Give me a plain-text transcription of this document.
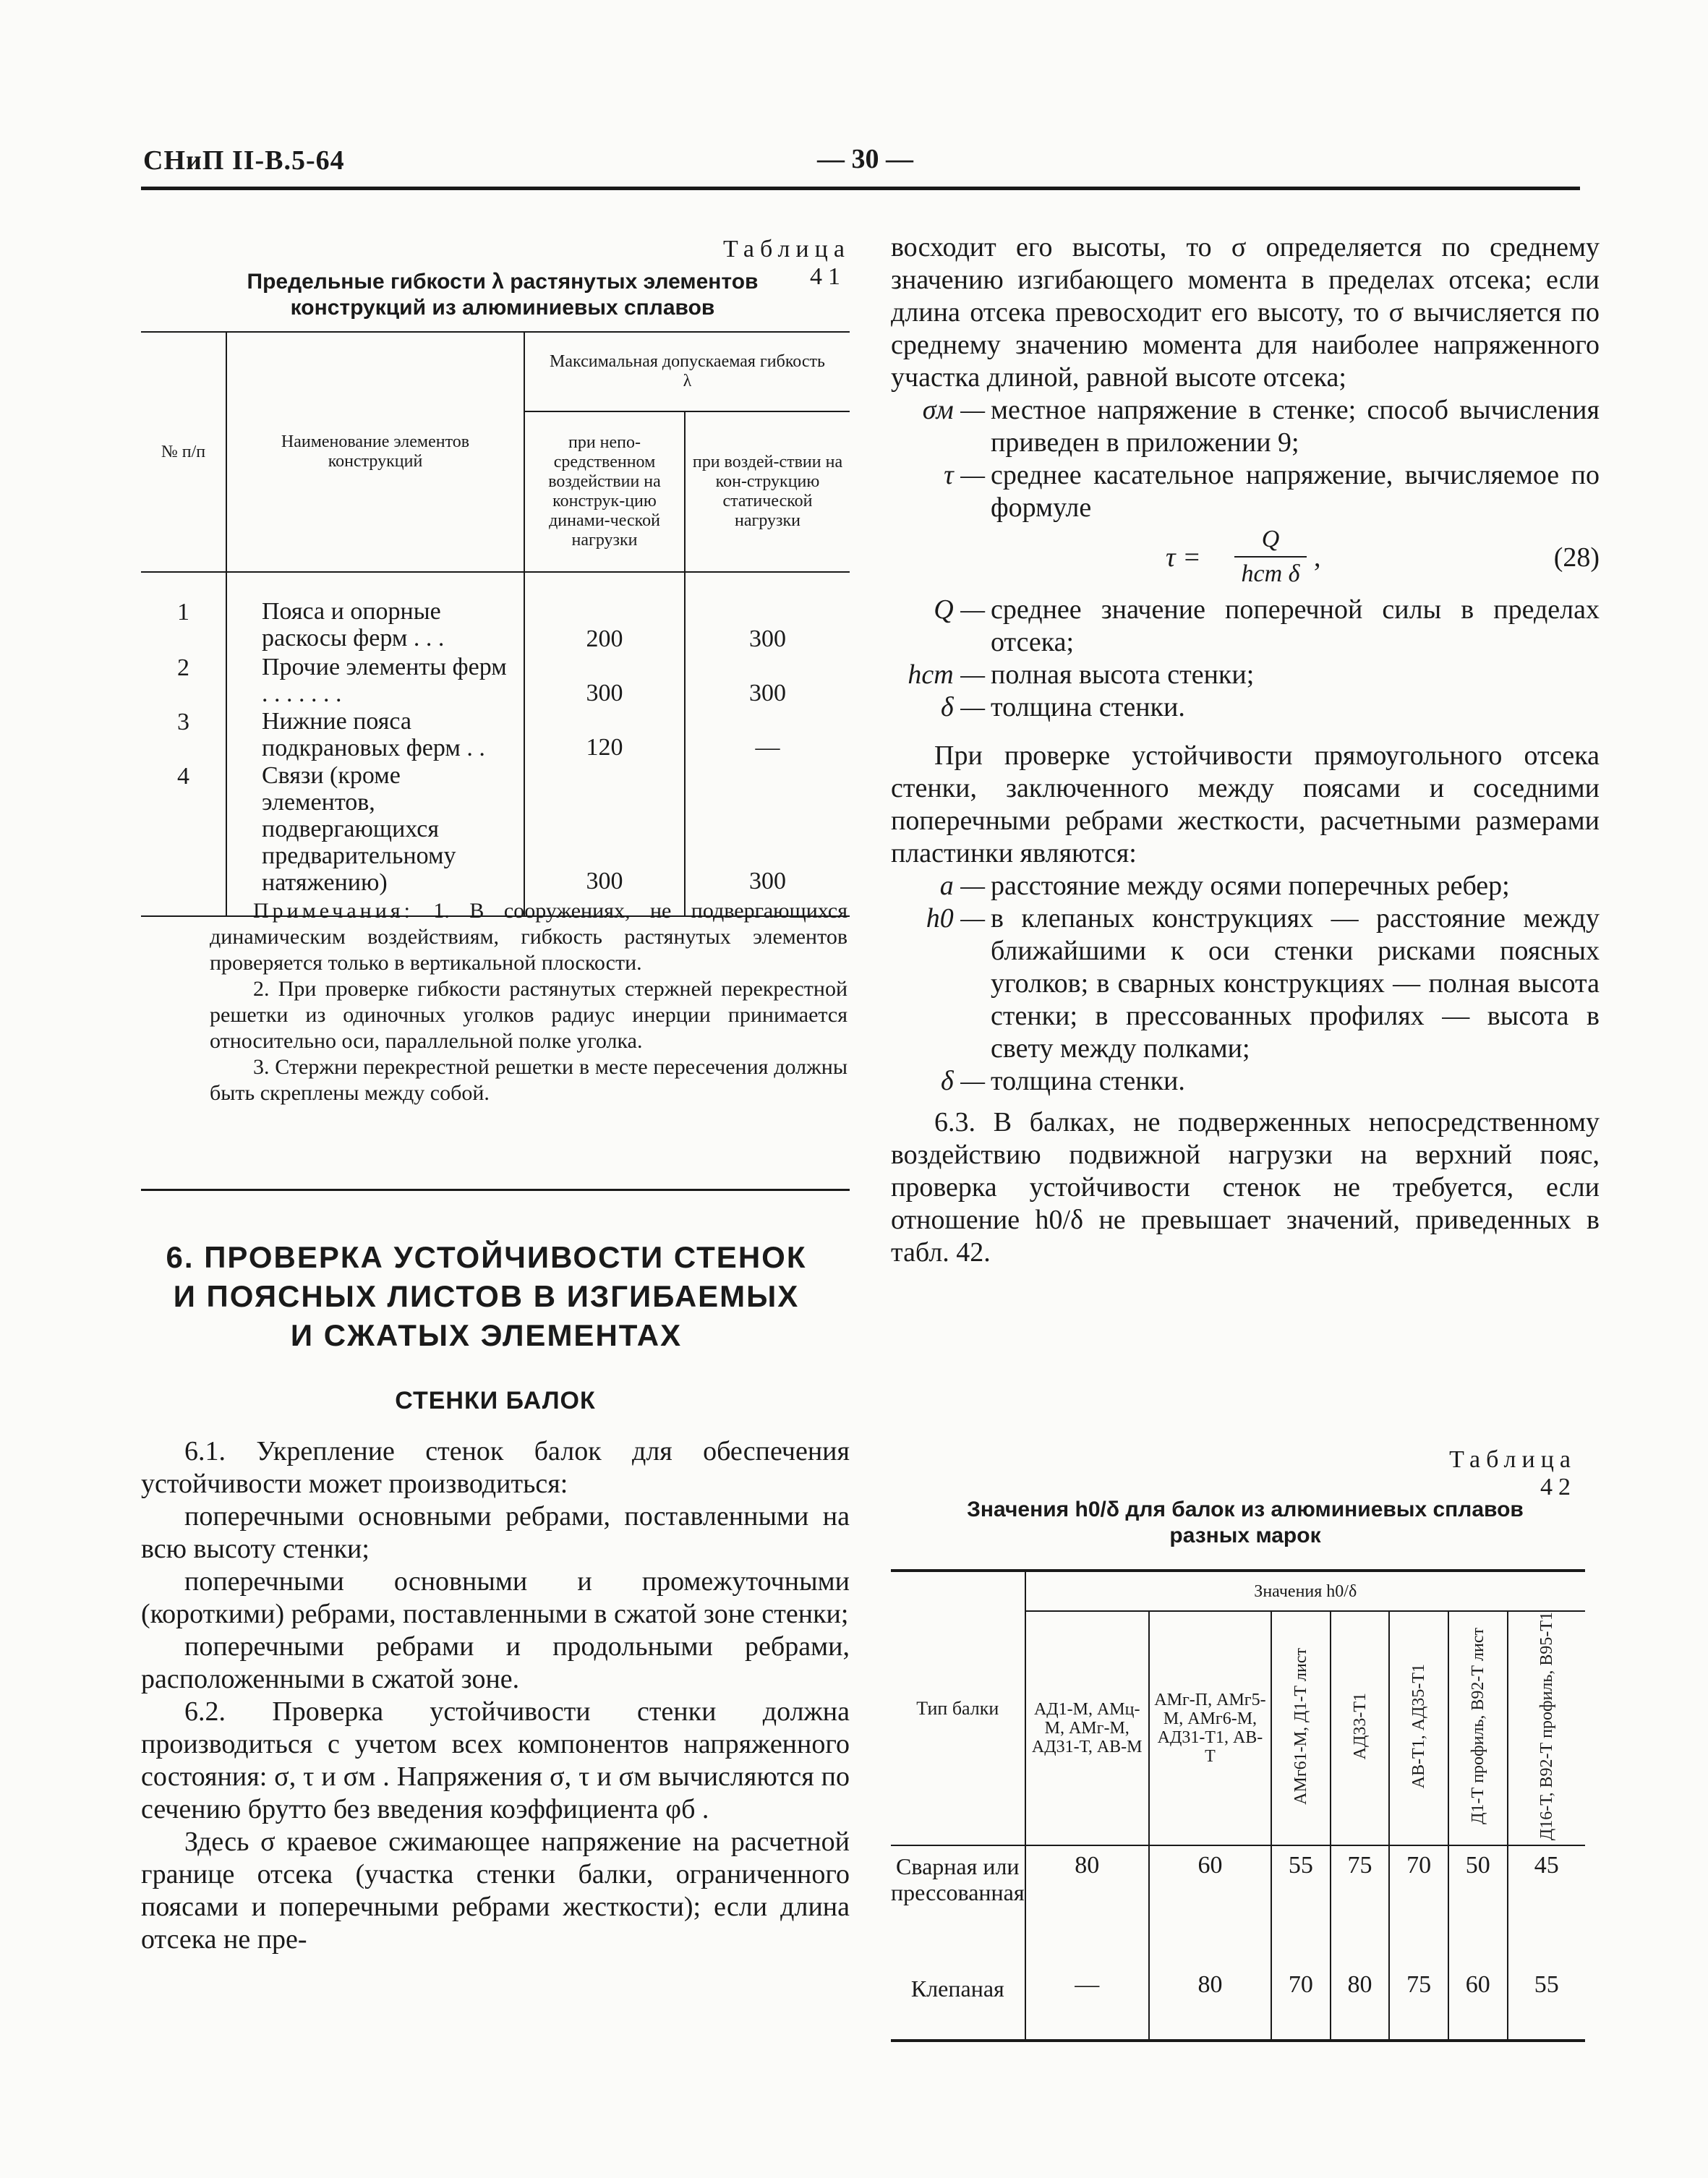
СНиП II-В.5-64	— 30 —
Таблица 41
Предельные гибкости λ растянутых элементов
конструкций из алюминиевых сплавов
№ п/п	Наименование элементов конструкций	Максимальная допускаемая гибкость λ	
		при непо-средственном воздействии на конструк-цию динами-ческой нагрузки	при воздей-ствии на кон-струкцию статической нагрузки

1	Пояса и опорные раскосы ферм . . .	200	300
2	Прочие элементы ферм . . . . . . .	300	300
3	Нижние пояса подкрановых ферм . .	120	—
4	Связи (кроме элементов, подвергающихся предварительному натяжению)	300	300

Примечания: 1. В сооружениях, не подвергающихся динамическим воздействиям, гибкость растянутых элементов проверяется только в вертикальной плоскости.

2. При проверке гибкости растянутых стержней перекрестной решетки из одиночных уголков радиус инерции принимается относительно оси, параллельной полке уголка.

3. Стержни перекрестной решетки в месте пересечения должны быть скреплены между собой.

6. ПРОВЕРКА УСТОЙЧИВОСТИ СТЕНОК
И ПОЯСНЫХ ЛИСТОВ В ИЗГИБАЕМЫХ
И СЖАТЫХ ЭЛЕМЕНТАХ
СТЕНКИ БАЛОК

6.1. Укрепление стенок балок для обеспечения устойчивости может производиться:

поперечными основными ребрами, поставленными на всю высоту стенки;

поперечными основными и промежуточными (короткими) ребрами, поставленными в сжатой зоне стенки;

поперечными ребрами и продольными ребрами, расположенными в сжатой зоне.

6.2. Проверка устойчивости стенки должна производиться с учетом всех компонентов напряженного состояния: σ, τ и σм . Напряжения σ, τ и σм вычисляются по сечению брутто без введения коэффициента φб .

Здесь σ краевое сжимающее напряжение на расчетной границе отсека (участка стенки балки, ограниченного поясами и поперечными ребрами жесткости); если длина отсека не пре-

восходит его высоты, то σ определяется по среднему значению изгибающего момента в пределах отсека; если длина отсека превосходит его высоту, то σ вычисляется по среднему значению момента для наиболее напряженного участка длиной, равной высоте отсека;

σм — местное напряжение в стенке; способ вычисления приведен в приложении 9;
τ — среднее касательное напряжение, вычисляемое по формуле
τ =
Q
hст δ
,	(28)
Q — среднее значение поперечной силы в пределах отсека;
hст — полная высота стенки;
δ — толщина стенки.

При проверке устойчивости прямоугольного отсека стенки, заключенного между поясами и соседними поперечными ребрами жесткости, расчетными размерами пластинки являются:

a — расстояние между осями поперечных ребер;
h0 — в клепаных конструкциях — расстояние между ближайшими к оси стенки рисками поясных уголков; в сварных конструкциях — полная высота стенки; в прессованных профилях — высота в свету между полками;
δ — толщина стенки.

6.3. В балках, не подверженных непосредственному воздействию подвижной нагрузки на верхний пояс, проверка устойчивости стенок не требуется, если отношение h0/δ не превышает значений, приведенных в табл. 42.

Таблица 42
Значения h0/δ для балок из алюминиевых сплавов
разных марок
Тип балки	Значения h0/δ						
	АД1-М, АМц-М, АМг-М, АД31-Т, АВ-М	АМг-П, АМг5-М, АМг6-М, АД31-Т1, АВ-Т	АМг61-М, Д1-Т лист	АД33-Т1	АВ-Т1, АД35-Т1	Д1-Т профиль, В92-Т лист	Д16-Т, В92-Т профиль, В95-Т1
Сварная или прессованная	80	60	55	75	70	50	45
Клепаная	—	80	70	80	75	60	55
